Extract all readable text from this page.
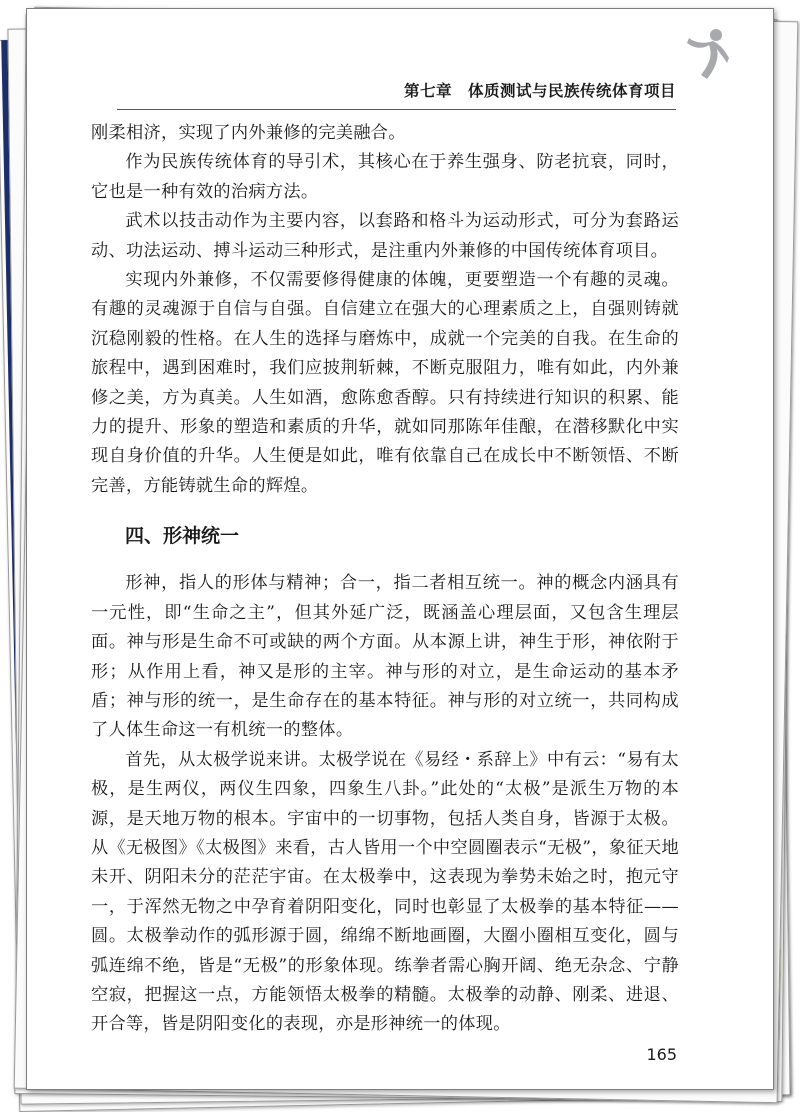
第七章　体质测试与民族传统体育项目

刚柔相济，实现了内外兼修的完美融合。

作为民族传统体育的导引术，其核心在于养生强身、防老抗衰，同时，它也是一种有效的治病方法。

武术以技击动作为主要内容，以套路和格斗为运动形式，可分为套路运动、功法运动、搏斗运动三种形式，是注重内外兼修的中国传统体育项目。

实现内外兼修，不仅需要修得健康的体魄，更要塑造一个有趣的灵魂。有趣的灵魂源于自信与自强。自信建立在强大的心理素质之上，自强则铸就沉稳刚毅的性格。在人生的选择与磨炼中，成就一个完美的自我。在生命的旅程中，遇到困难时，我们应披荆斩棘，不断克服阻力，唯有如此，内外兼修之美，方为真美。人生如酒，愈陈愈香醇。只有持续进行知识的积累、能力的提升、形象的塑造和素质的升华，就如同那陈年佳酿，在潜移默化中实现自身价值的升华。人生便是如此，唯有依靠自己在成长中不断领悟、不断完善，方能铸就生命的辉煌。

四、形神统一

形神，指人的形体与精神；合一，指二者相互统一。神的概念内涵具有一元性，即“生命之主”，但其外延广泛，既涵盖心理层面，又包含生理层面。神与形是生命不可或缺的两个方面。从本源上讲，神生于形，神依附于形；从作用上看，神又是形的主宰。神与形的对立，是生命运动的基本矛盾；神与形的统一，是生命存在的基本特征。神与形的对立统一，共同构成了人体生命这一有机统一的整体。

首先，从太极学说来讲。太极学说在《易经・系辞上》中有云：“易有太极，是生两仪，两仪生四象，四象生八卦。”此处的“太极”是派生万物的本源，是天地万物的根本。宇宙中的一切事物，包括人类自身，皆源于太极。从《无极图》《太极图》来看，古人皆用一个中空圆圈表示“无极”，象征天地未开、阴阳未分的茫茫宇宙。在太极拳中，这表现为拳势未始之时，抱元守一，于浑然无物之中孕育着阴阳变化，同时也彰显了太极拳的基本特征——圆。太极拳动作的弧形源于圆，绵绵不断地画圈，大圈小圈相互变化，圆与弧连绵不绝，皆是“无极”的形象体现。练拳者需心胸开阔、绝无杂念、宁静空寂，把握这一点，方能领悟太极拳的精髓。太极拳的动静、刚柔、进退、开合等，皆是阴阳变化的表现，亦是形神统一的体现。

165
